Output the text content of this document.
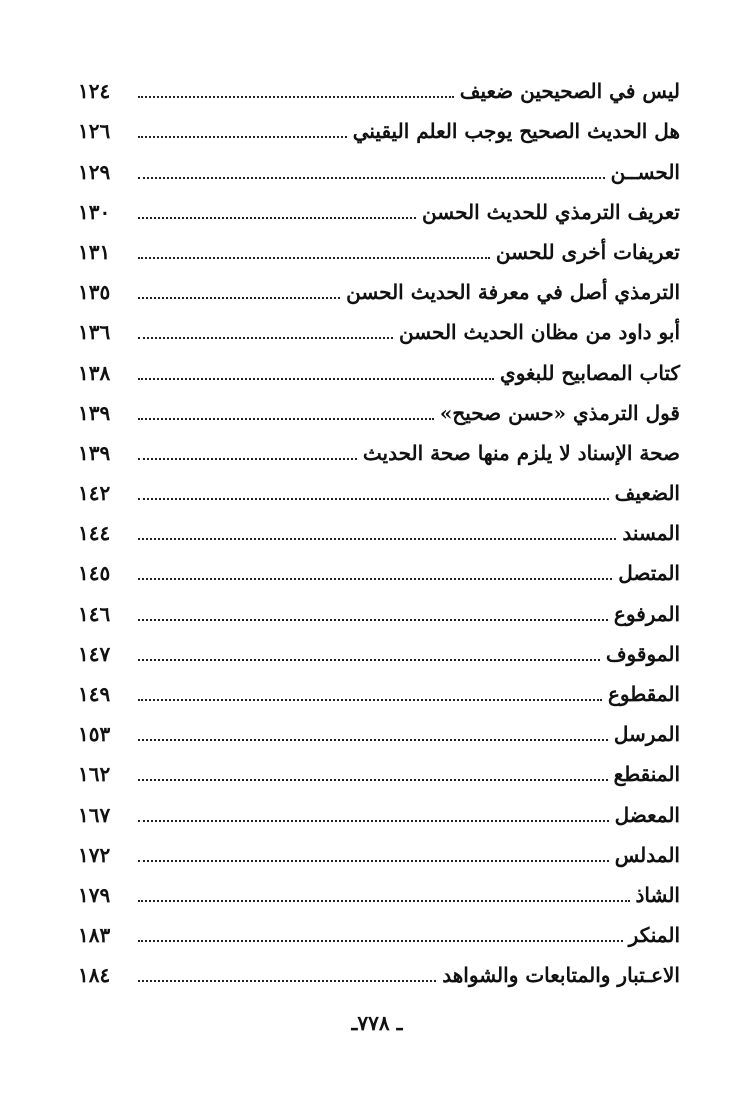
ليس في الصحيحين ضعيف
١٢٤
هل الحديث الصحيح يوجب العلم اليقيني
١٢٦
الحســن
١٢٩
تعريف الترمذي للحديث الحسن
١٣٠
تعريفات أخرى للحسن
١٣١
الترمذي أصل في معرفة الحديث الحسن
١٣٥
أبو داود من مظان الحديث الحسن
١٣٦
كتاب المصابيح للبغوي
١٣٨
قول الترمذي «حسن صحيح»
١٣٩
صحة الإسناد لا يلزم منها صحة الحديث
١٣٩
الضعيف
١٤٢
المسند
١٤٤
المتصل
١٤٥
المرفوع
١٤٦
الموقوف
١٤٧
المقطوع
١٤٩
المرسل
١٥٣
المنقطع
١٦٢
المعضل
١٦٧
المدلس
١٧٢
الشاذ
١٧٩
المنكر
١٨٣
الاعـتبار والمتابعات والشواهد
١٨٤
ـ ٧٧٨ـ
